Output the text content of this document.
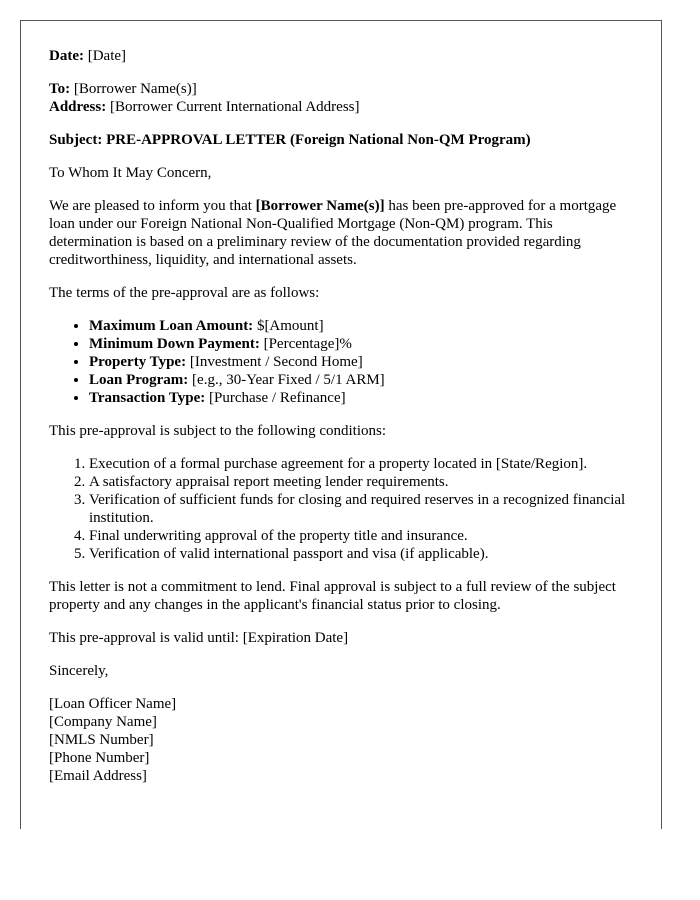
Date: [Date]

To: [Borrower Name(s)]
Address: [Borrower Current International Address]

Subject: PRE-APPROVAL LETTER (Foreign National Non-QM Program)

To Whom It May Concern,

We are pleased to inform you that [Borrower Name(s)] has been pre-approved for a mortgage loan under our Foreign National Non-Qualified Mortgage (Non-QM) program. This determination is based on a preliminary review of the documentation provided regarding creditworthiness, liquidity, and international assets.

The terms of the pre-approval are as follows:

• Maximum Loan Amount: $[Amount]
• Minimum Down Payment: [Percentage]%
• Property Type: [Investment / Second Home]
• Loan Program: [e.g., 30-Year Fixed / 5/1 ARM]
• Transaction Type: [Purchase / Refinance]

This pre-approval is subject to the following conditions:

1. Execution of a formal purchase agreement for a property located in [State/Region].
2. A satisfactory appraisal report meeting lender requirements.
3. Verification of sufficient funds for closing and required reserves in a recognized financial institution.
4. Final underwriting approval of the property title and insurance.
5. Verification of valid international passport and visa (if applicable).

This letter is not a commitment to lend. Final approval is subject to a full review of the subject property and any changes in the applicant's financial status prior to closing.

This pre-approval is valid until: [Expiration Date]

Sincerely,

[Loan Officer Name]
[Company Name]
[NMLS Number]
[Phone Number]
[Email Address]
